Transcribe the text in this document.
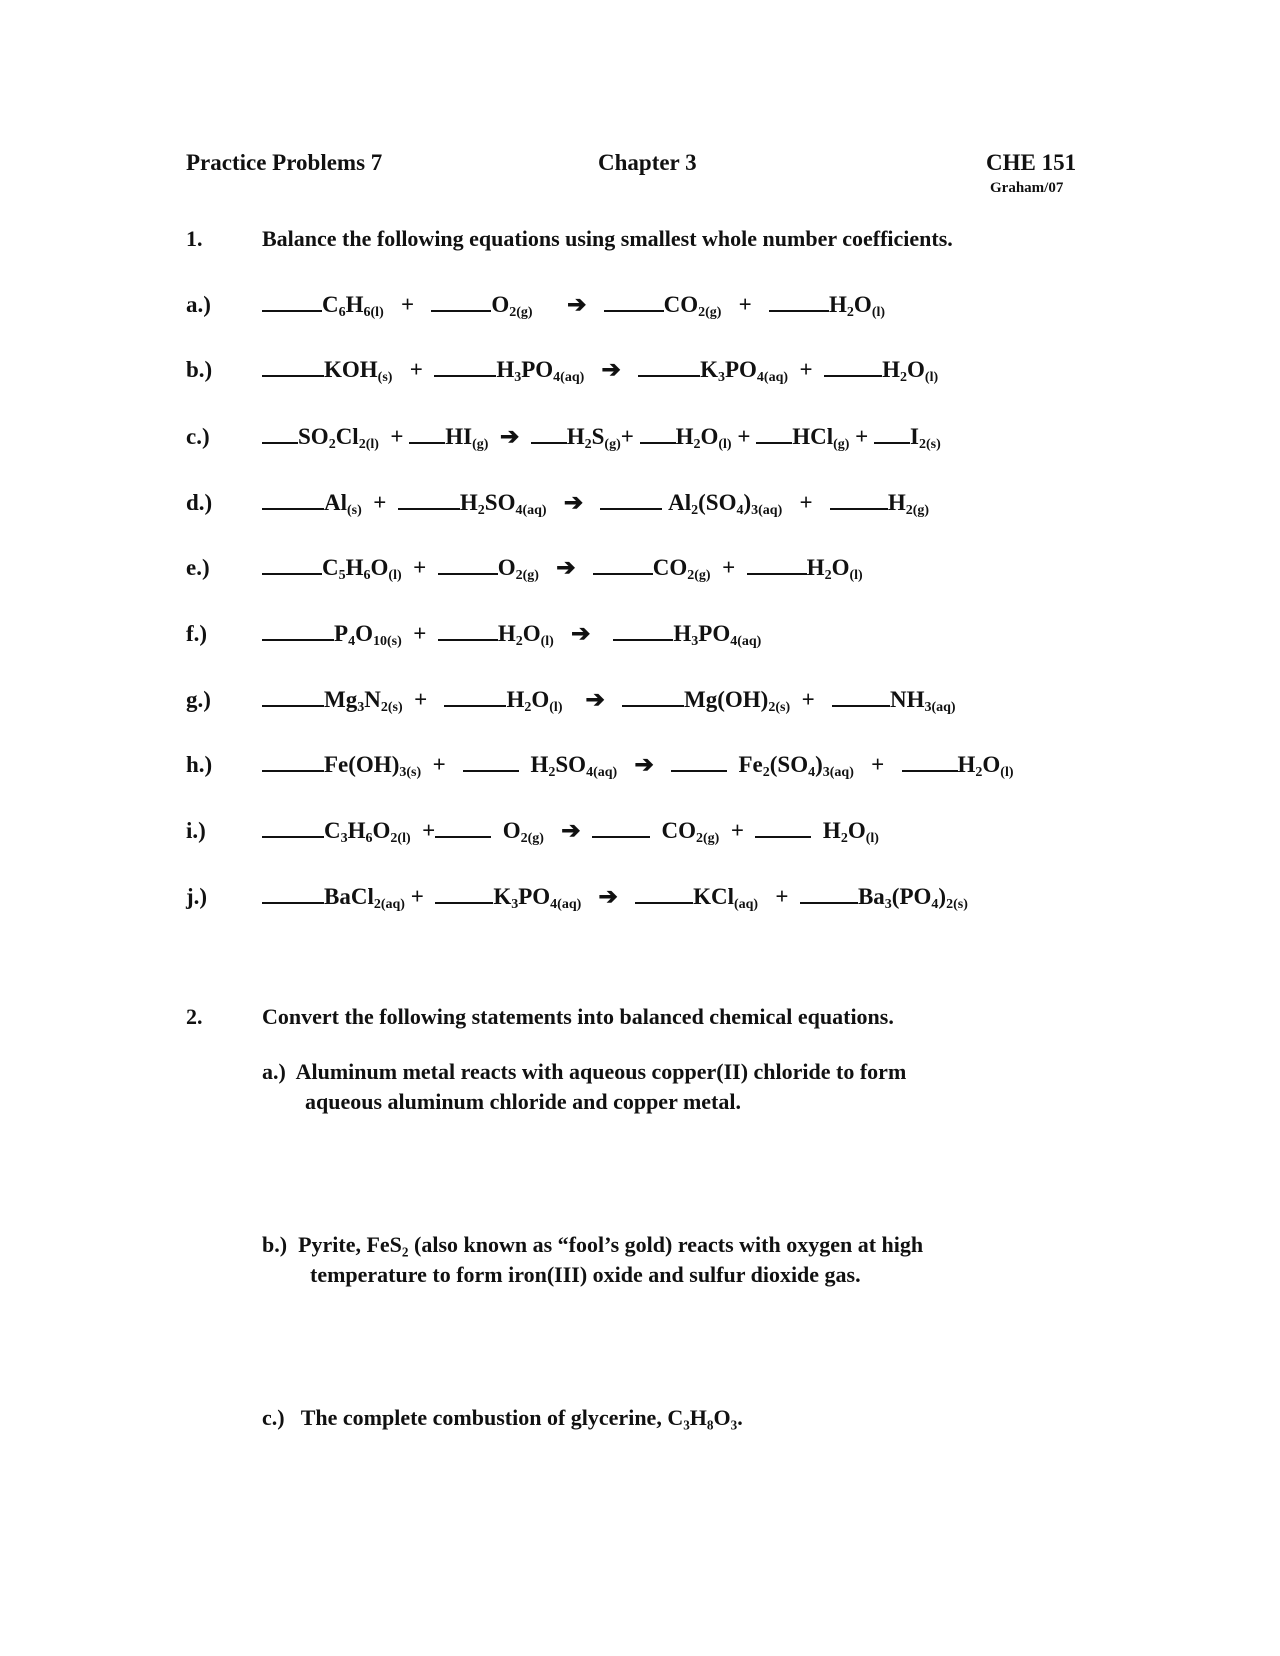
Practice Problems 7	Chapter 3	CHE 151
Graham/07
1.	Balance the following equations using smallest whole number coefficients.
a.)	$C_6H_{6(l)}$   +	$O_{2(g)}$ ➔	$CO_{2(g)}$   +	$H_2O_{(l)}$
b.)	$KOH_{(s)}$   +	$H_3PO_{4(aq)}$ ➔	$K_3PO_{4(aq)}$  +	$H_2O_{(l)}$
c.)	$SO_2Cl_{2(l)} + HI_{(g)}$ ➔ $H_2S_{(g)}+ H_2O_{(l)} + HCl_{(g)} + I_{2(s)}$
d.)	$Al_{(s)}$  +	$H_2SO_{4(aq)}$ ➔	$Al_2(SO_4)_{3(aq)}$   +	$H_{2(g)}$
e.)	$C_5H_6O_{(l)}$  +	$O_{2(g)}$ ➔	$CO_{2(g)}$  +	$H_2O_{(l)}$
f.)	$P_4O_{10(s)}$  +	$H_2O_{(l)}$ ➔	$H_3PO_{4(aq)}$
g.)	$Mg_3N_{2(s)}$  +	$H_2O_{(l)}$ ➔	$Mg(OH)_{2(s)}$  +	$NH_{3(aq)}$
h.)	$Fe(OH)_{3(s)}$  +     $H_2SO_{4(aq)}$ ➔	$Fe_2(SO_4)_{3(aq)} + H_2O_{(l)}$
i.)	$C_3H_6O_{2(l)} + O_{2(g)}$ ➔	$CO_{2(g)}$  +    $H_2O_{(l)}$
j.)	BaCl$_{2(aq)}$ +	$K_3PO_{4(aq)}$ ➔	KCl$_{(aq)}$   +	$Ba_3(PO_4)_{2(s)}$
2.	Convert the following statements into balanced chemical equations.
a.) Aluminum metal reacts with aqueous copper(II) chloride to form
aqueous aluminum chloride and copper metal.
b.) Pyrite, FeS₂ (also known as “fool’s gold) reacts with oxygen at high
temperature to form iron(III) oxide and sulfur dioxide gas.
c.) The complete combustion of glycerine, C₃H₈O₃.
